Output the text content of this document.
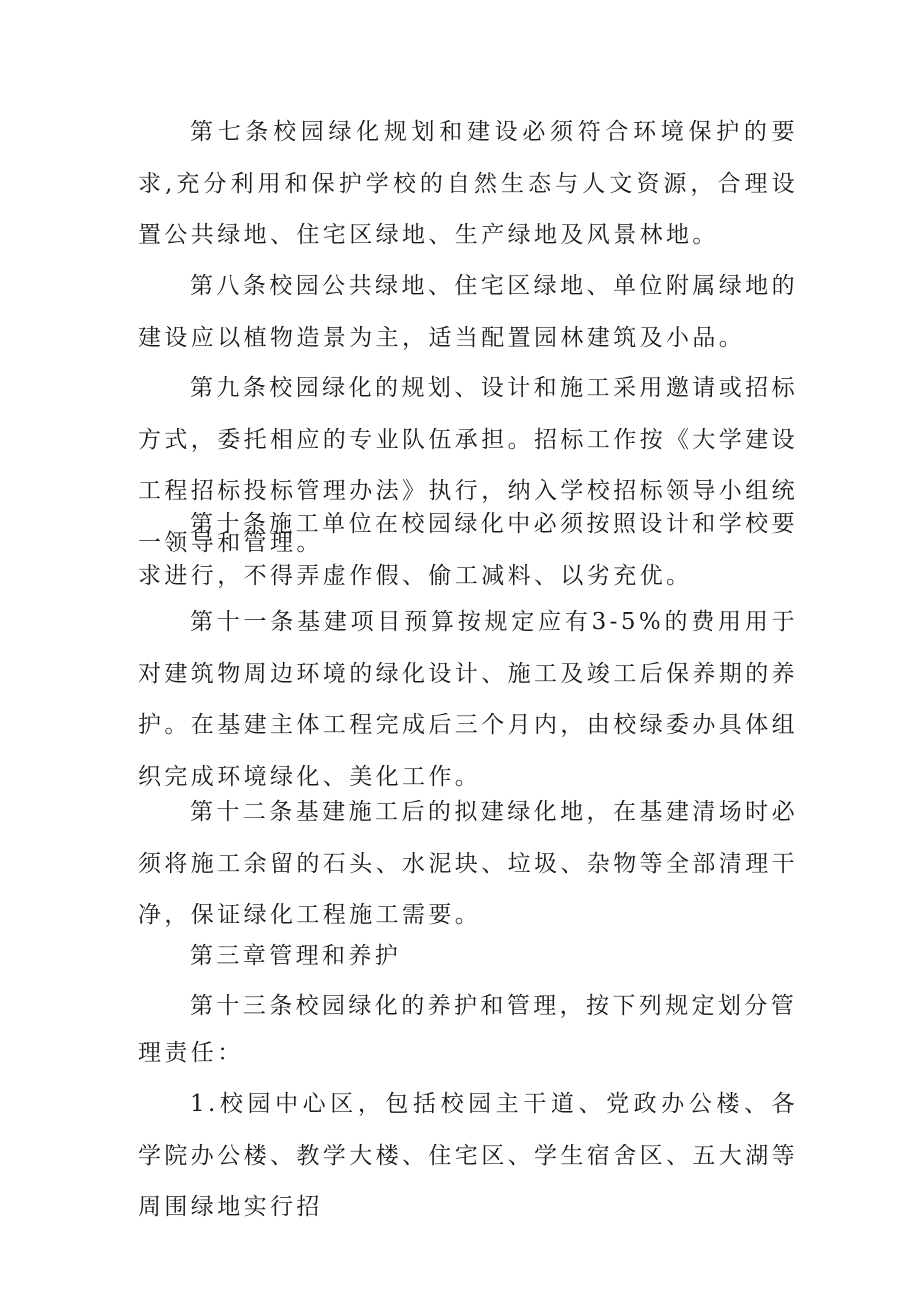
第七条校园绿化规划和建设必须符合环境保护的要求,充分利用和保护学校的自然生态与人文资源，合理设置公共绿地、住宅区绿地、生产绿地及风景林地。

第八条校园公共绿地、住宅区绿地、单位附属绿地的建设应以植物造景为主，适当配置园林建筑及小品。

第九条校园绿化的规划、设计和施工采用邀请或招标方式，委托相应的专业队伍承担。招标工作按《大学建设工程招标投标管理办法》执行，纳入学校招标领导小组统一领导和管理。

第十条施工单位在校园绿化中必须按照设计和学校要求进行，不得弄虚作假、偷工减料、以劣充优。

第十一条基建项目预算按规定应有3-5%的费用用于对建筑物周边环境的绿化设计、施工及竣工后保养期的养护。在基建主体工程完成后三个月内，由校绿委办具体组织完成环境绿化、美化工作。

第十二条基建施工后的拟建绿化地，在基建清场时必须将施工余留的石头、水泥块、垃圾、杂物等全部清理干净，保证绿化工程施工需要。

第三章管理和养护

第十三条校园绿化的养护和管理，按下列规定划分管

理责任：

1.校园中心区，包括校园主干道、党政办公楼、各学院办公楼、教学大楼、住宅区、学生宿舍区、五大湖等周围绿地实行招
